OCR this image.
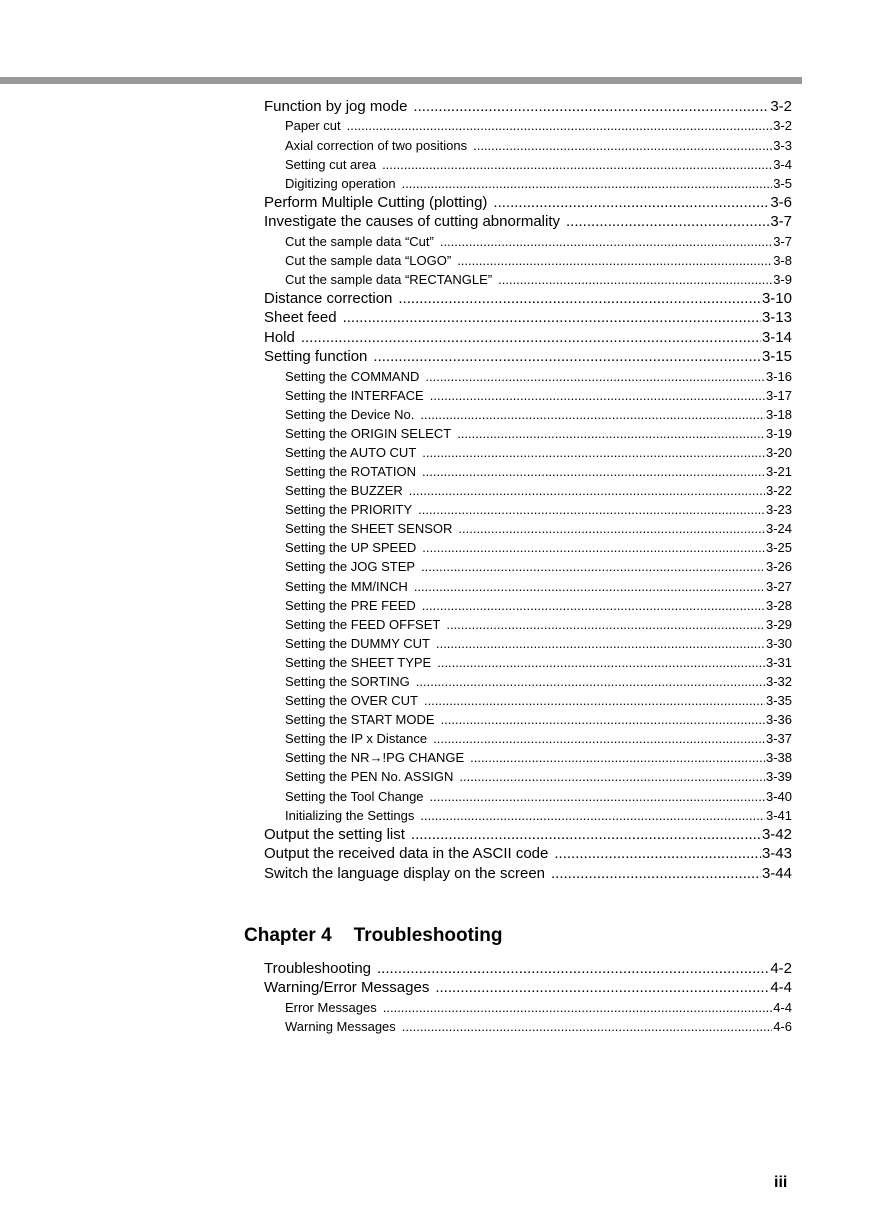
Function by jog mode .....	3-2
Paper cut .....	3-2
Axial correction of two positions .....	3-3
Setting cut area .....	3-4
Digitizing operation .....	3-5
Perform Multiple Cutting (plotting) .....	3-6
Investigate the causes of cutting abnormality .....	3-7
Cut the sample data “Cut” .....	3-7
Cut the sample data “LOGO” .....	3-8
Cut the sample data “RECTANGLE” .....	3-9
Distance correction .....	3-10
Sheet feed .....	3-13
Hold .....	3-14
Setting function .....	3-15
Setting the COMMAND .....	3-16
Setting the INTERFACE .....	3-17
Setting the Device No. .....	3-18
Setting the ORIGIN SELECT .....	3-19
Setting the AUTO CUT .....	3-20
Setting the ROTATION .....	3-21
Setting the BUZZER .....	3-22
Setting the PRIORITY .....	3-23
Setting the SHEET SENSOR .....	3-24
Setting the UP SPEED .....	3-25
Setting the JOG STEP .....	3-26
Setting the MM/INCH .....	3-27
Setting the PRE FEED .....	3-28
Setting the FEED OFFSET .....	3-29
Setting the DUMMY CUT .....	3-30
Setting the SHEET TYPE .....	3-31
Setting the SORTING .....	3-32
Setting the OVER CUT .....	3-35
Setting the START MODE .....	3-36
Setting the IP x Distance .....	3-37
Setting the NR→!PG CHANGE .....	3-38
Setting the PEN No. ASSIGN .....	3-39
Setting the Tool Change .....	3-40
Initializing the Settings .....	3-41
Output the setting list .....	3-42
Output the received data in the ASCII code .....	3-43
Switch the language display on the screen .....	3-44
Chapter 4 Troubleshooting
Troubleshooting .....	4-2
Warning/Error Messages .....	4-4
Error Messages .....	4-4
Warning Messages .....	4-6
iii
